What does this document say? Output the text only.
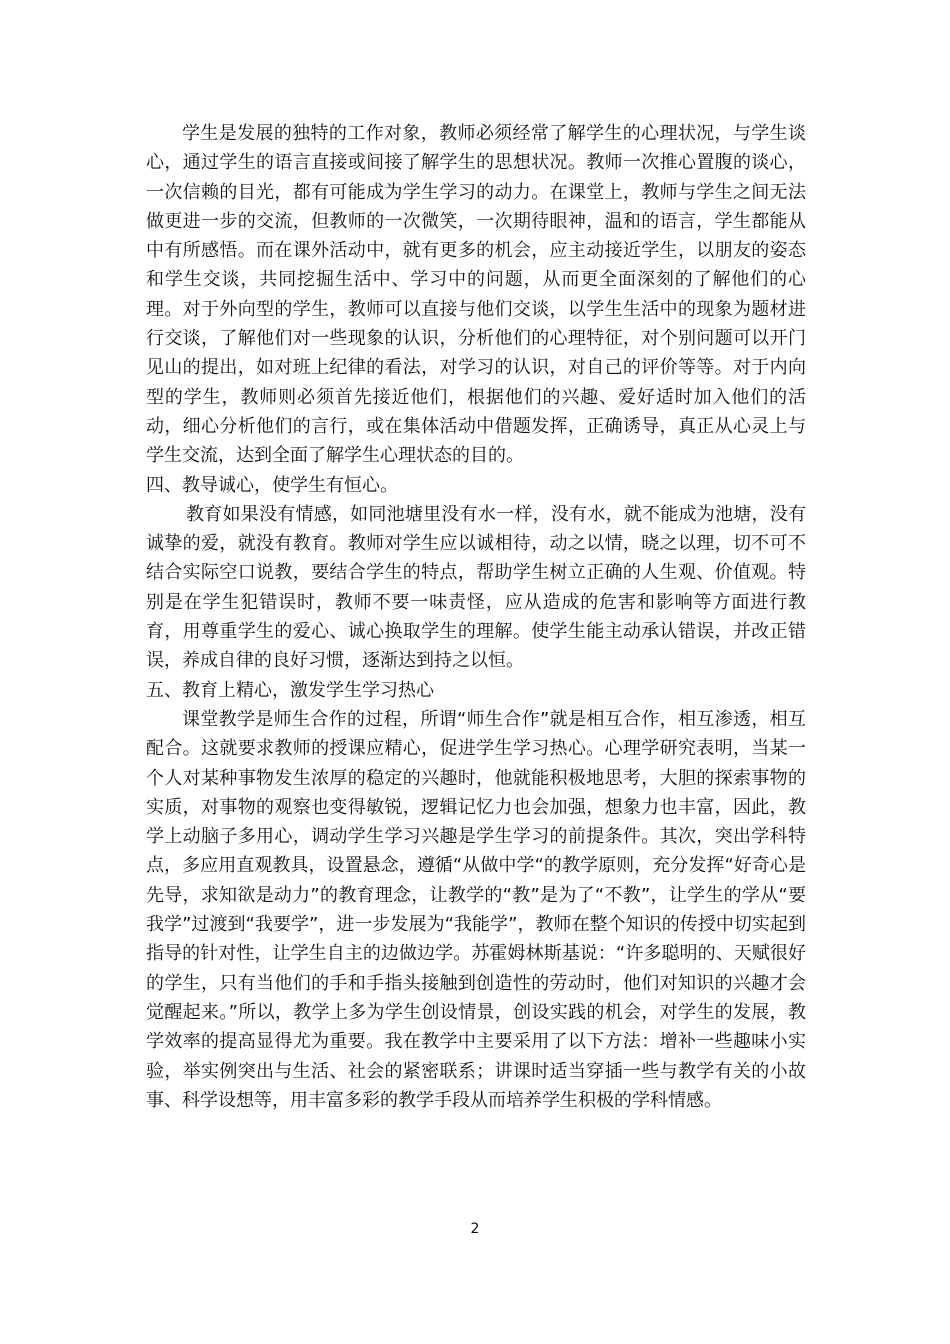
学生是发展的独特的工作对象，教师必须经常了解学生的心理状况，与学生谈心，通过学生的语言直接或间接了解学生的思想状况。教师一次推心置腹的谈心，一次信赖的目光，都有可能成为学生学习的动力。在课堂上，教师与学生之间无法做更进一步的交流，但教师的一次微笑，一次期待眼神，温和的语言，学生都能从中有所感悟。而在课外活动中，就有更多的机会，应主动接近学生，以朋友的姿态和学生交谈，共同挖掘生活中、学习中的问题，从而更全面深刻的了解他们的心理。对于外向型的学生，教师可以直接与他们交谈，以学生生活中的现象为题材进行交谈，了解他们对一些现象的认识，分析他们的心理特征，对个别问题可以开门见山的提出，如对班上纪律的看法，对学习的认识，对自己的评价等等。对于内向型的学生，教师则必须首先接近他们，根据他们的兴趣、爱好适时加入他们的活动，细心分析他们的言行，或在集体活动中借题发挥，正确诱导，真正从心灵上与学生交流，达到全面了解学生心理状态的目的。

四、教导诚心，使学生有恒心。

教育如果没有情感，如同池塘里没有水一样，没有水，就不能成为池塘，没有诚挚的爱，就没有教育。教师对学生应以诚相待，动之以情，晓之以理，切不可不结合实际空口说教，要结合学生的特点，帮助学生树立正确的人生观、价值观。特别是在学生犯错误时，教师不要一味责怪，应从造成的危害和影响等方面进行教育，用尊重学生的爱心、诚心换取学生的理解。使学生能主动承认错误，并改正错误，养成自律的良好习惯，逐渐达到持之以恒。

五、教育上精心，激发学生学习热心

课堂教学是师生合作的过程，所谓“师生合作”就是相互合作，相互渗透，相互配合。这就要求教师的授课应精心，促进学生学习热心。心理学研究表明，当某一个人对某种事物发生浓厚的稳定的兴趣时，他就能积极地思考，大胆的探索事物的实质，对事物的观察也变得敏锐，逻辑记忆力也会加强，想象力也丰富，因此，教学上动脑子多用心，调动学生学习兴趣是学生学习的前提条件。其次，突出学科特点，多应用直观教具，设置悬念，遵循“从做中学“的教学原则，充分发挥“好奇心是先导，求知欲是动力”的教育理念，让教学的“教”是为了“不教”，让学生的学从“要我学”过渡到“我要学”，进一步发展为“我能学”，教师在整个知识的传授中切实起到指导的针对性，让学生自主的边做边学。苏霍姆林斯基说：“许多聪明的、天赋很好的学生，只有当他们的手和手指头接触到创造性的劳动时，他们对知识的兴趣才会觉醒起来。”所以，教学上多为学生创设情景，创设实践的机会，对学生的发展，教学效率的提高显得尤为重要。我在教学中主要采用了以下方法：增补一些趣味小实验，举实例突出与生活、社会的紧密联系；讲课时适当穿插一些与教学有关的小故事、科学设想等，用丰富多彩的教学手段从而培养学生积极的学科情感。

2
